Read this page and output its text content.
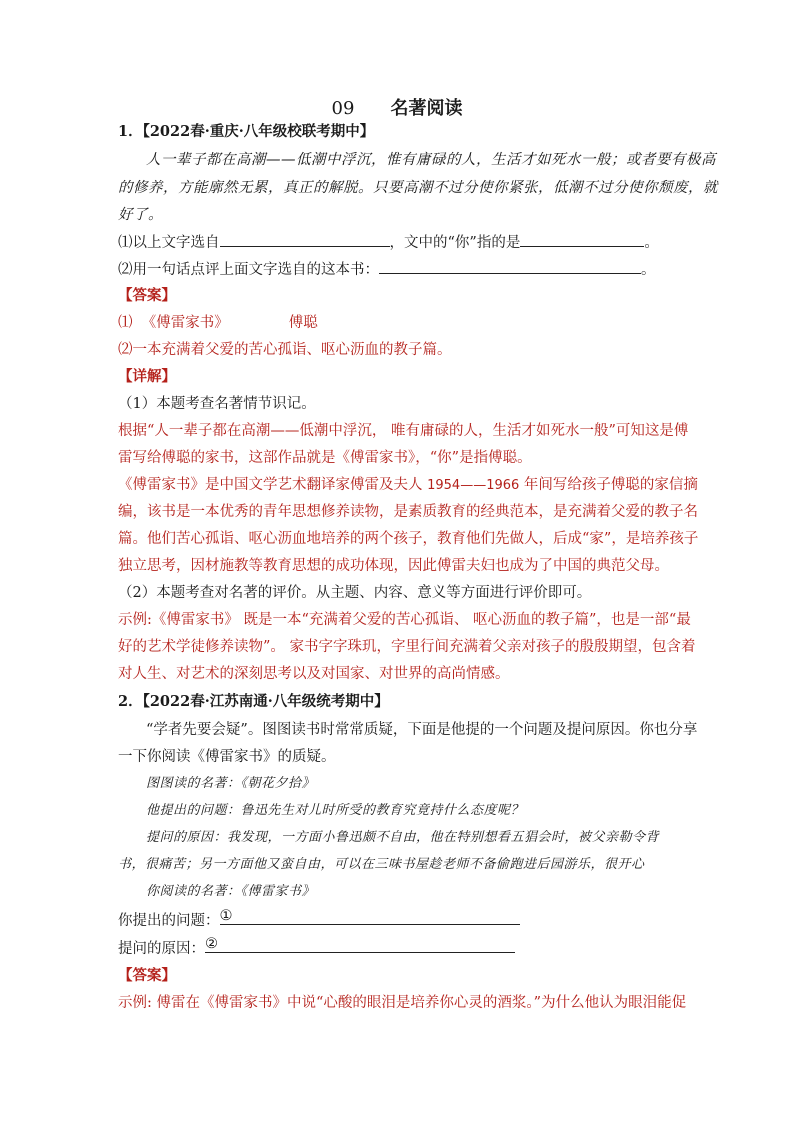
09 名著阅读
1．【2022春·重庆·八年级校联考期中】
人一辈子都在高潮——低潮中浮沉，惟有庸碌的人，生活才如死水一般；或者要有极高
的修养，方能廓然无累，真正的解脱。只要高潮不过分使你紧张，低潮不过分使你颓废，就
好了。
⑴以上文字选自	，文中的“你”指的是	。
⑵用一句话点评上面文字选自的这本书：	。
【答案】
⑴ 《傅雷家书》	傅聪
⑵一本充满着父爱的苦心孤诣、呕心沥血的教子篇。
【详解】
（1）本题考查名著情节识记。
根据“人一辈子都在高潮——低潮中浮沉， 唯有庸碌的人，生活才如死水一般”可知这是傅
雷写给傅聪的家书，这部作品就是《傅雷家书》，“你”是指傅聪。
《傅雷家书》是中国文学艺术翻译家傅雷及夫人 1954——1966 年间写给孩子傅聪的家信摘
编，该书是一本优秀的青年思想修养读物，是素质教育的经典范本，是充满着父爱的教子名
篇。他们苦心孤诣、呕心沥血地培养的两个孩子，教育他们先做人，后成“家”，是培养孩子
独立思考，因材施教等教育思想的成功体现，因此傅雷夫妇也成为了中国的典范父母。
（2）本题考查对名著的评价。从主题、内容、意义等方面进行评价即可。
示例:《傅雷家书》 既是一本“充满着父爱的苦心孤诣、 呕心沥血的教子篇”，也是一部“最
好的艺术学徒修养读物”。 家书字字珠玑，字里行间充满着父亲对孩子的殷殷期望，包含着
对人生、对艺术的深刻思考以及对国家、对世界的高尚情感。
2．【2022春·江苏南通·八年级统考期中】
“学者先要会疑”。图图读书时常常质疑，下面是他提的一个问题及提问原因。你也分享
一下你阅读《傅雷家书》的质疑。
图图读的名著：《朝花夕拾》
他提出的问题：鲁迅先生对儿时所受的教育究竟持什么态度呢？
提问的原因：我发现，一方面小鲁迅颇不自由，他在特别想看五猖会时，被父亲勒令背
书，很痛苦；另一方面他又蛮自由，可以在三味书屋趁老师不备偷跑进后园游乐，很开心
你阅读的名著：《傅雷家书》
你提出的问题： ①
提问的原因： ②
【答案】
示例: 傅雷在《傅雷家书》中说“心酸的眼泪是培养你心灵的酒浆。”为什么他认为眼泪能促
